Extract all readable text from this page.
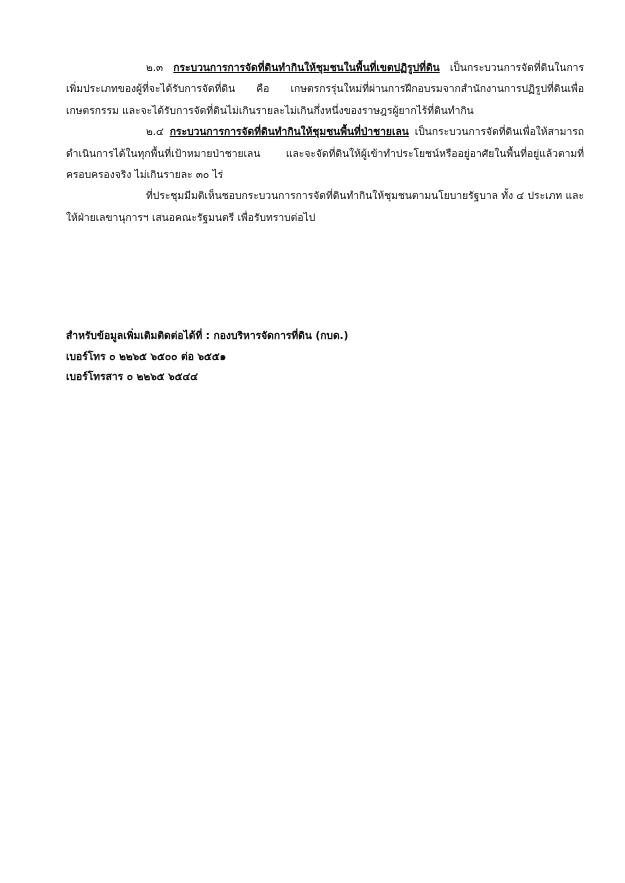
๒.๓ กระบวนการการจัดที่ดินทำกินให้ชุมชนในพื้นที่เขตปฏิรูปที่ดิน เป็นกระบวนการจัดที่ดินในการเพิ่มประเภทของผู้ที่จะได้รับการจัดที่ดิน คือ เกษตรกรรุ่นใหม่ที่ผ่านการฝึกอบรมจากสำนักงานการปฏิรูปที่ดินเพื่อเกษตรกรรม และจะได้รับการจัดที่ดินไม่เกินรายละไม่เกินกึ่งหนึ่งของราษฎรผู้ยากไร้ที่ดินทำกิน

๒.๔ กระบวนการการจัดที่ดินทำกินให้ชุมชนพื้นที่ป่าชายเลน เป็นกระบวนการจัดที่ดินเพื่อให้สามารถดำเนินการได้ในทุกพื้นที่เป้าหมายป่าชายเลน และจะจัดที่ดินให้ผู้เข้าทำประโยชน์หรืออยู่อาศัยในพื้นที่อยู่แล้วตามที่ครอบครองจริง ไม่เกินรายละ ๓๐ ไร่

ที่ประชุมมีมติเห็นชอบกระบวนการการจัดที่ดินทำกินให้ชุมชนตามนโยบายรัฐบาล ทั้ง ๔ ประเภท และให้ฝ่ายเลขานุการฯ เสนอคณะรัฐมนตรี เพื่อรับทราบต่อไป

สำหรับข้อมูลเพิ่มเติมติดต่อได้ที่ : กองบริหารจัดการที่ดิน (กบด.)
เบอร์โทร ๐ ๒๒๖๕ ๖๕๐๐ ต่อ ๖๕๕๑
เบอร์โทรสาร ๐ ๒๒๖๕ ๖๕๔๔
